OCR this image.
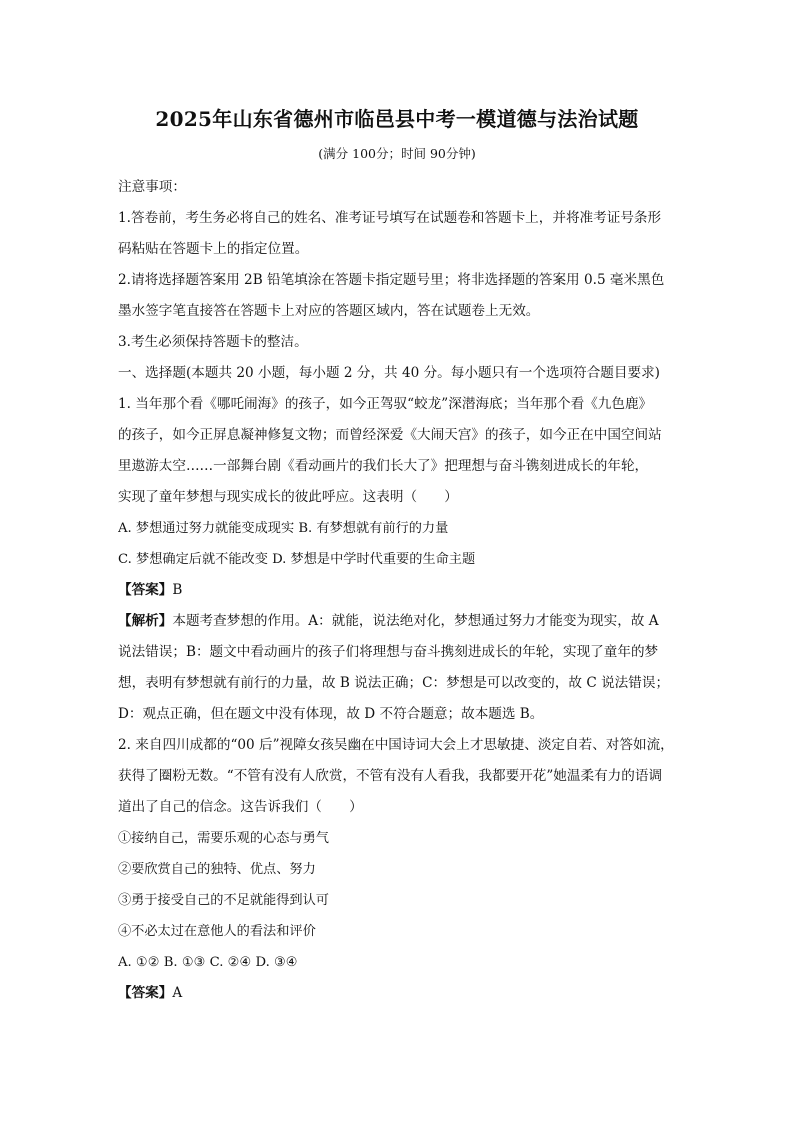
2025年山东省德州市临邑县中考一模道德与法治试题
(满分 100分；时间 90分钟)
注意事项：
1.答卷前，考生务必将自己的姓名、准考证号填写在试题卷和答题卡上，并将准考证号条形
码粘贴在答题卡上的指定位置。
2.请将选择题答案用 2B 铅笔填涂在答题卡指定题号里；将非选择题的答案用 0.5 毫米黑色
墨水签字笔直接答在答题卡上对应的答题区域内，答在试题卷上无效。
3.考生必须保持答题卡的整洁。
一、选择题(本题共 20 小题，每小题 2 分，共 40 分。每小题只有一个选项符合题目要求)
1. 当年那个看《哪吒闹海》的孩子，如今正驾驭“蛟龙”深潜海底；当年那个看《九色鹿》
的孩子，如今正屏息凝神修复文物；而曾经深爱《大闹天宫》的孩子，如今正在中国空间站
里遨游太空……一部舞台剧《看动画片的我们长大了》把理想与奋斗镌刻进成长的年轮，
实现了童年梦想与现实成长的彼此呼应。这表明（　　）
A. 梦想通过努力就能变成现实 B. 有梦想就有前行的力量
C. 梦想确定后就不能改变 D. 梦想是中学时代重要的生命主题
【答案】B
【解析】本题考查梦想的作用。A：就能，说法绝对化，梦想通过努力才能变为现实，故 A
说法错误；B：题文中看动画片的孩子们将理想与奋斗携刻进成长的年轮，实现了童年的梦
想，表明有梦想就有前行的力量，故 B 说法正确；C：梦想是可以改变的，故 C 说法错误；
D：观点正确，但在题文中没有体现，故 D 不符合题意；故本题选 B。
2. 来自四川成都的“00 后”视障女孩吴幽在中国诗词大会上才思敏捷、淡定自若、对答如流，
获得了圈粉无数。“不管有没有人欣赏，不管有没有人看我，我都要开花”她温柔有力的语调
道出了自己的信念。这告诉我们（　　）
①接纳自己，需要乐观的心态与勇气
②要欣赏自己的独特、优点、努力
③勇于接受自己的不足就能得到认可
④不必太过在意他人的看法和评价
A. ①② B. ①③ C. ②④ D. ③④
【答案】A
